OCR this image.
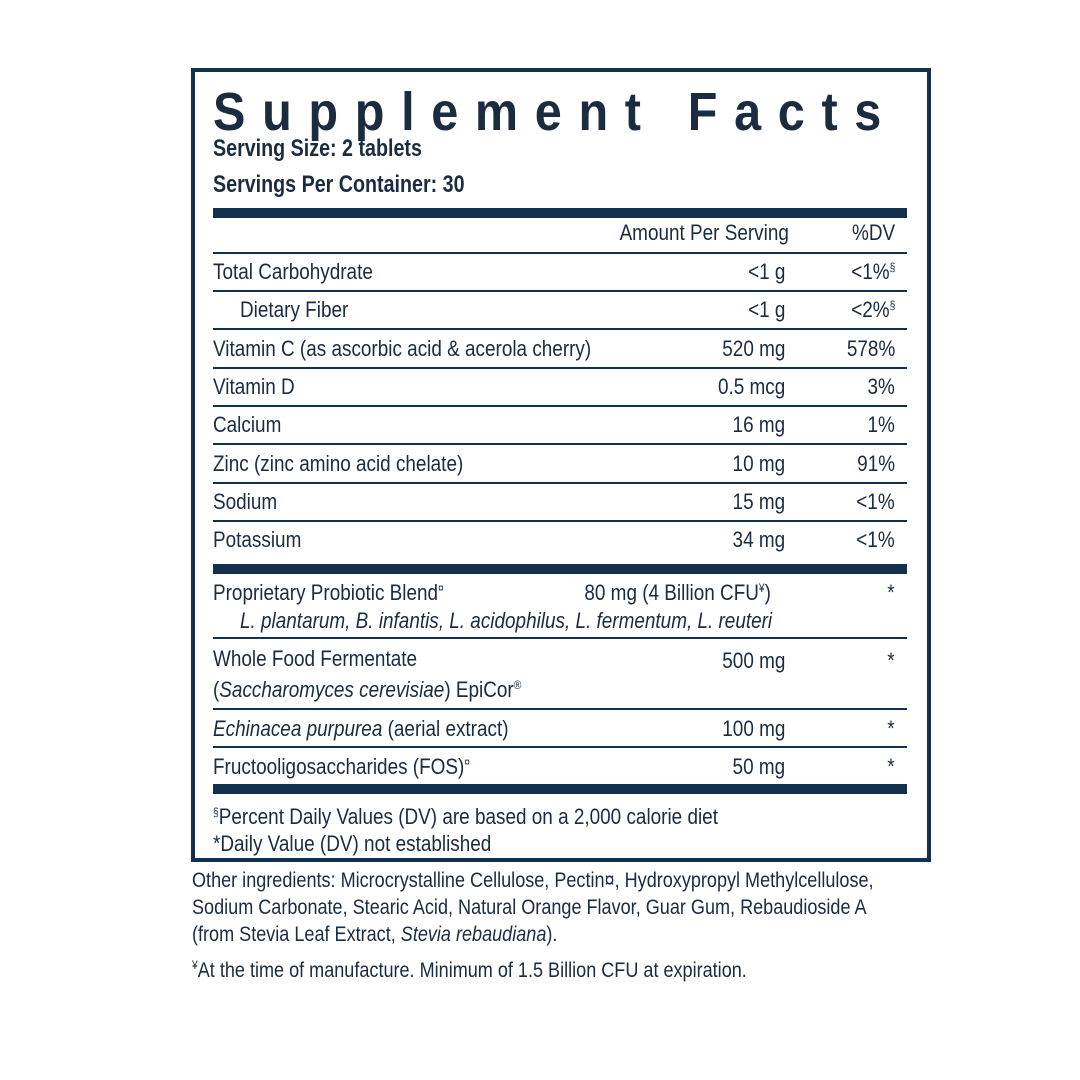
Supplement Facts
Serving Size: 2 tablets
Servings Per Container: 30
Amount Per Serving	%DV
Total Carbohydrate	<1 g	<1%§
Dietary Fiber	<1 g	<2%§
Vitamin C (as ascorbic acid & acerola cherry)	520 mg	578%
Vitamin D	0.5 mcg	3%
Calcium	16 mg	1%
Zinc (zinc amino acid chelate)	10 mg	91%
Sodium	15 mg	<1%
Potassium	34 mg	<1%
Proprietary Probiotic Blend¤	80 mg (4 Billion CFU¥)	*
L. plantarum, B. infantis, L. acidophilus, L. fermentum, L. reuteri
Whole Food Fermentate	500 mg	*
(Saccharomyces cerevisiae) EpiCor®
Echinacea purpurea (aerial extract)	100 mg	*
Fructooligosaccharides (FOS)¤	50 mg	*
§Percent Daily Values (DV) are based on a 2,000 calorie diet
*Daily Value (DV) not established
Other ingredients: Microcrystalline Cellulose, Pectin¤, Hydroxypropyl Methylcellulose,
Sodium Carbonate, Stearic Acid, Natural Orange Flavor, Guar Gum, Rebaudioside A
(from Stevia Leaf Extract, Stevia rebaudiana).
¥At the time of manufacture. Minimum of 1.5 Billion CFU at expiration.
